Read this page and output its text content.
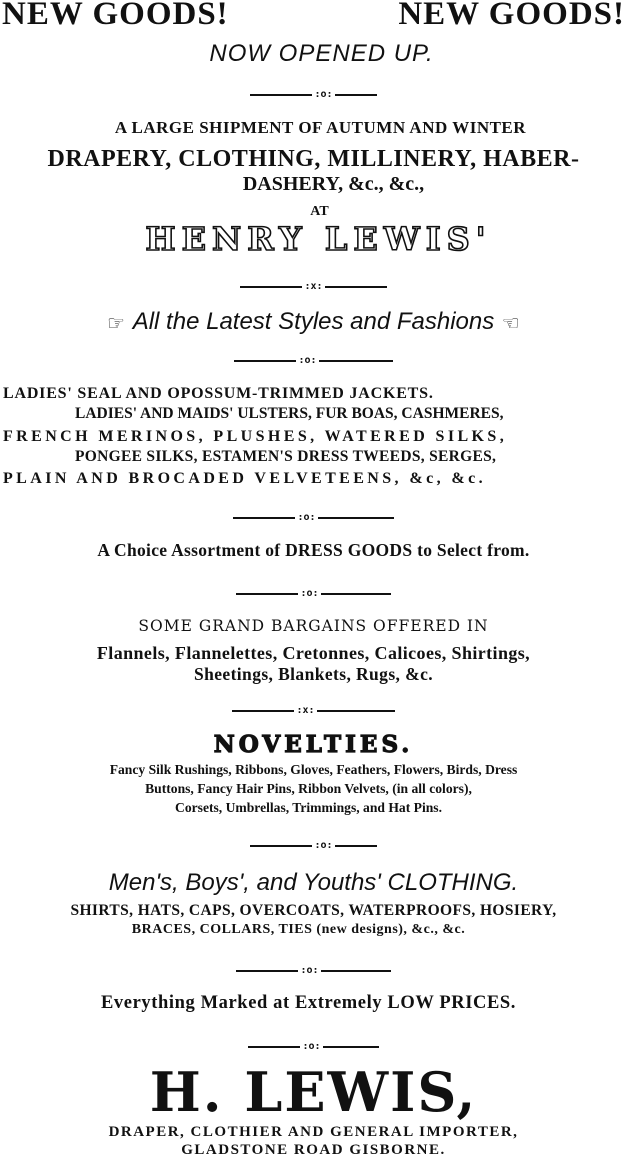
NEW GOODS!	NEW GOODS!
NOW OPENED UP.
:o:
A LARGE SHIPMENT OF AUTUMN AND WINTER
DRAPERY, CLOTHING, MILLINERY, HABER-
DASHERY, &c., &c.,
AT
HENRY LEWIS'
:x:
☞ All the Latest Styles and Fashions ☜
:o:
LADIES' SEAL AND OPOSSUM-TRIMMED JACKETS.
LADIES' AND MAIDS' ULSTERS, FUR BOAS, CASHMERES,
FRENCH MERINOS, PLUSHES, WATERED SILKS,
PONGEE SILKS, ESTAMEN'S DRESS TWEEDS, SERGES,
PLAIN AND BROCADED VELVETEENS, &c, &c.
:o:
A Choice Assortment of DRESS GOODS to Select from.
:o:
SOME GRAND BARGAINS OFFERED IN
Flannels, Flannelettes, Cretonnes, Calicoes, Shirtings,
Sheetings, Blankets, Rugs, &c.
:x:
NOVELTIES.
Fancy Silk Rushings, Ribbons, Gloves, Feathers, Flowers, Birds, Dress
Buttons, Fancy Hair Pins, Ribbon Velvets, (in all colors),
Corsets, Umbrellas, Trimmings, and Hat Pins.
:o:
Men's, Boys', and Youths' CLOTHING.
SHIRTS, HATS, CAPS, OVERCOATS, WATERPROOFS, HOSIERY,
BRACES, COLLARS, TIES (new designs), &c., &c.
:o:
Everything Marked at Extremely LOW PRICES.
:o:
H. LEWIS,
DRAPER, CLOTHIER AND GENERAL IMPORTER,
GLADSTONE ROAD GISBORNE.
